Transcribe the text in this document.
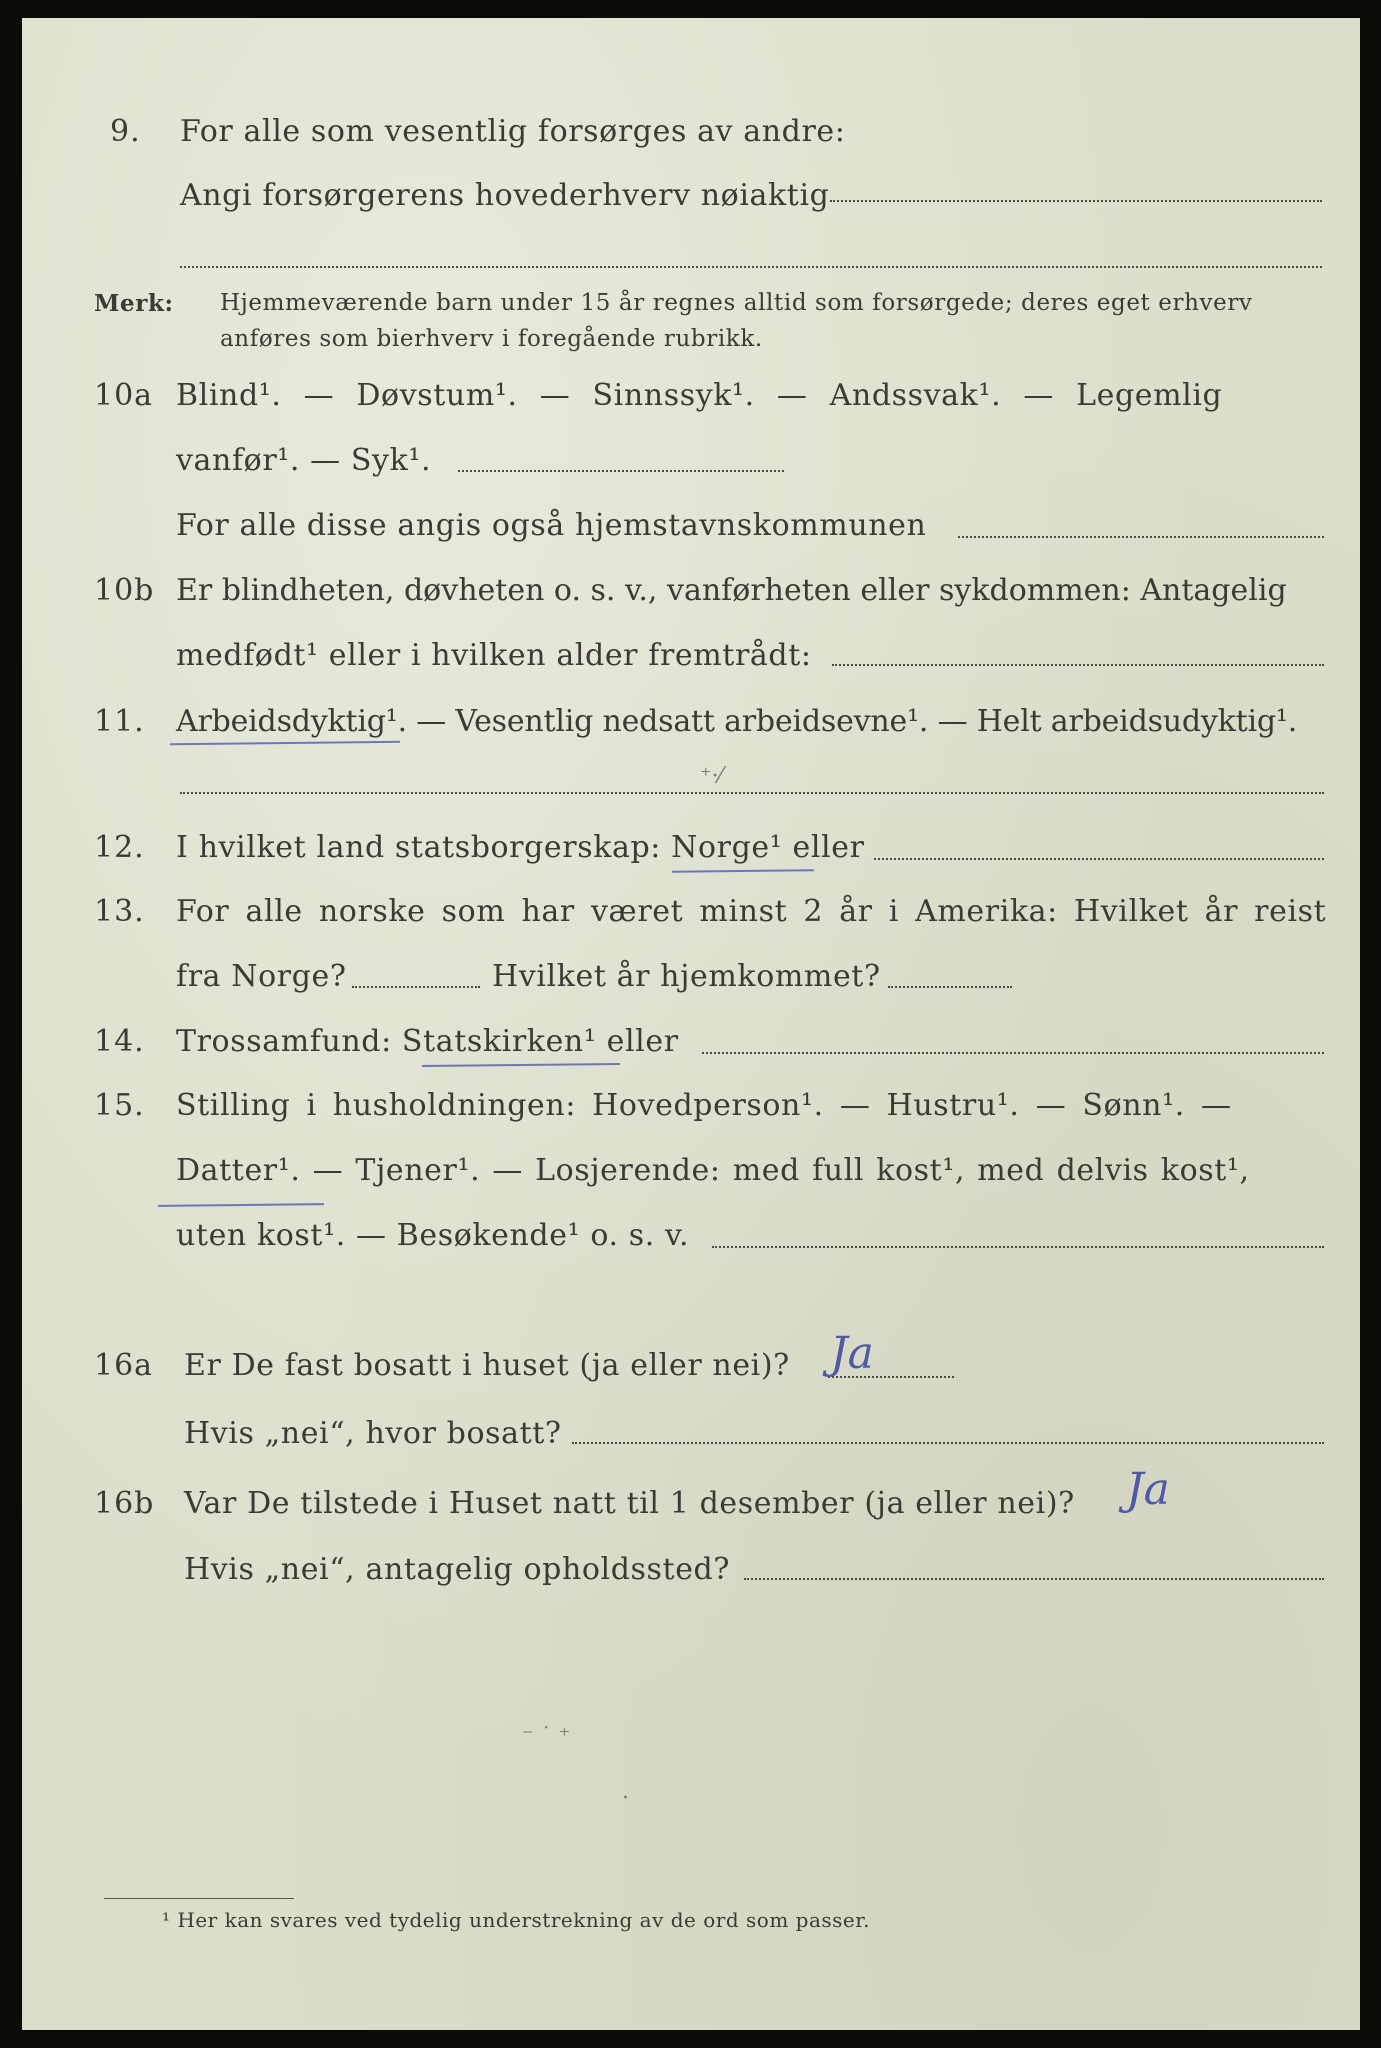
9. For alle som vesentlig forsørges av andre:
Angi forsørgerens hovederhverv nøiaktig
Merk: Hjemmeværende barn under 15 år regnes alltid som forsørgede; deres eget erhverv
anføres som bierhverv i foregående rubrikk.
10a Blind¹. — Døvstum¹. — Sinnssyk¹. — Andssvak¹. — Legemlig
vanfør¹. — Syk¹.
For alle disse angis også hjemstavnskommunen
10b Er blindheten, døvheten o. s. v., vanførheten eller sykdommen: Antagelig
medfødt¹ eller i hvilken alder fremtrådt:
11. Arbeidsdyktig¹. — Vesentlig nedsatt arbeidsevne¹. — Helt arbeidsudyktig¹.
⁺·⁄
12. I hvilket land statsborgerskap: Norge¹ eller
13. For alle norske som har været minst 2 år i Amerika: Hvilket år reist
fra Norge?	Hvilket år hjemkommet?
14. Trossamfund: Statskirken¹ eller
15. Stilling i husholdningen: Hovedperson¹. — Hustru¹. — Sønn¹. —
Datter¹. — Tjener¹. — Losjerende: med full kost¹, med delvis kost¹,
uten kost¹. — Besøkende¹ o. s. v.
16a Er De fast bosatt i huset (ja eller nei)? Ja
Hvis „nei“, hvor bosatt?
16b Var De tilstede i Huset natt til 1 desember (ja eller nei)? Ja
Hvis „nei“, antagelig opholdssted?
⁻ ˙ ⁺
·
¹ Her kan svares ved tydelig understrekning av de ord som passer.
